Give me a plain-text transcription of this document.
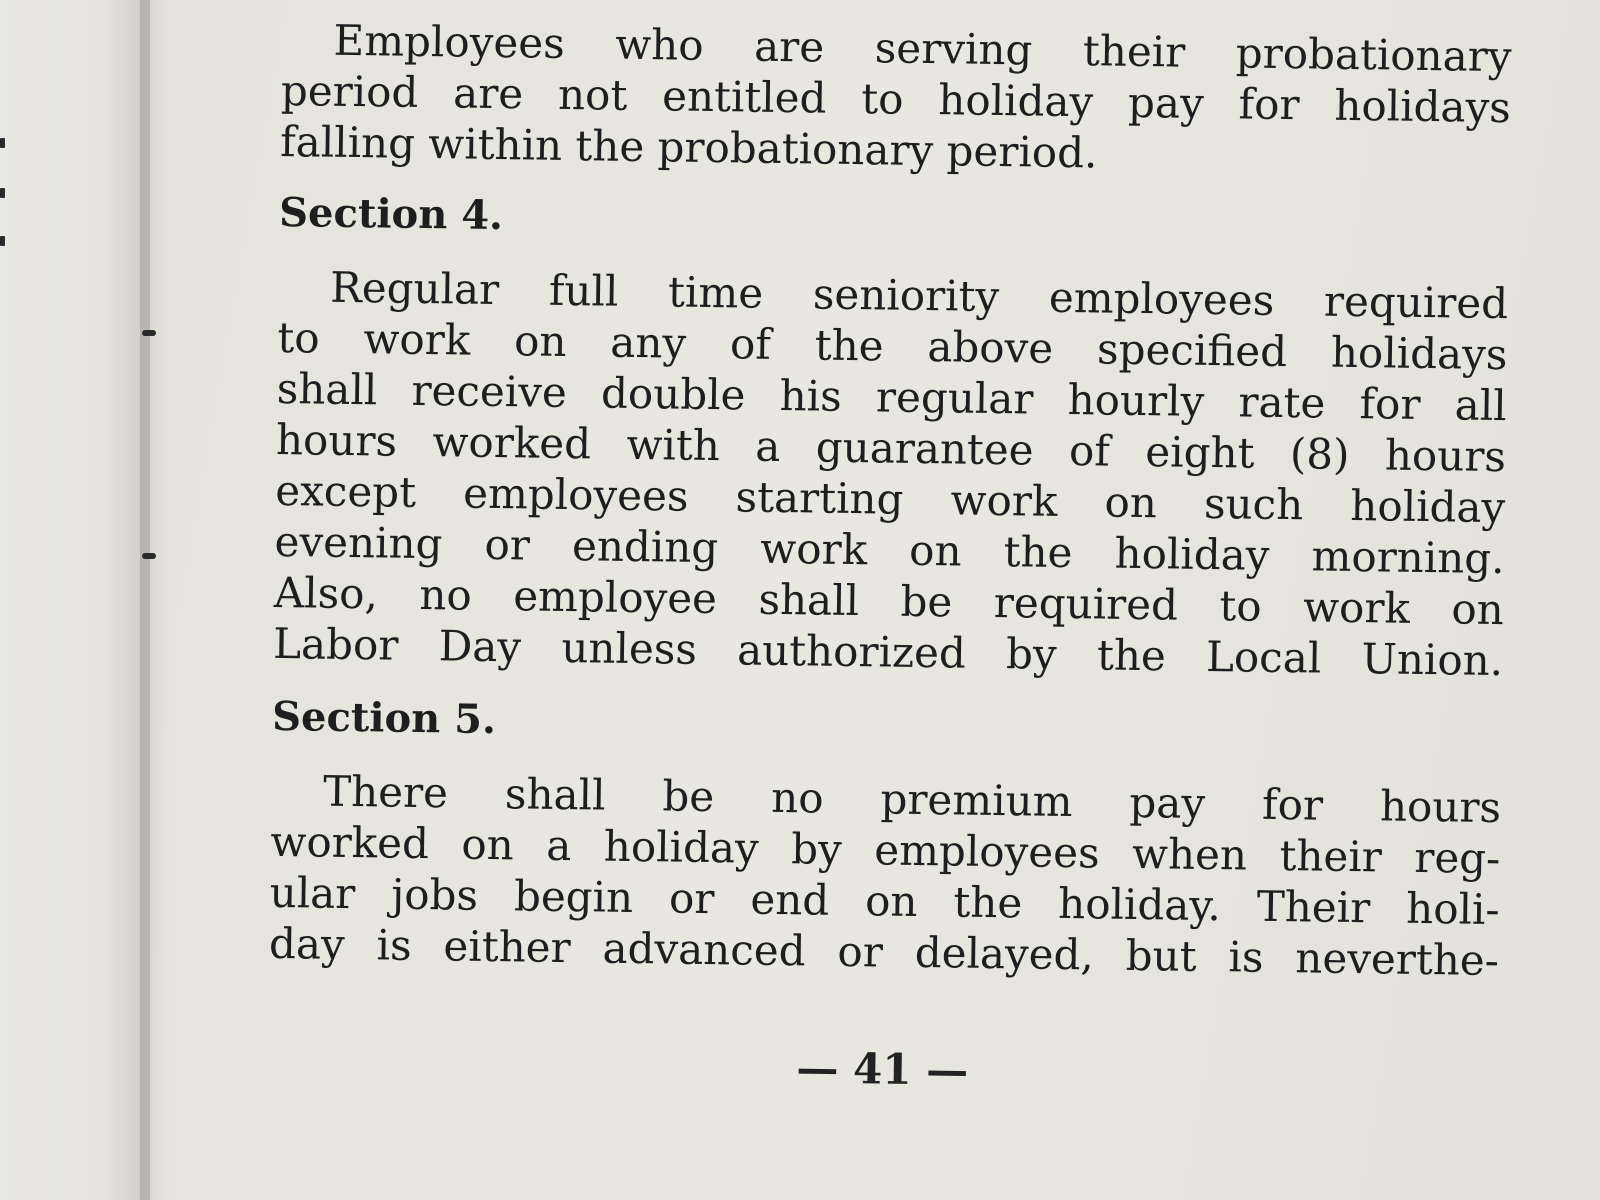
Employees who are serving their probationary
period are not entitled to holiday pay for holidays
falling within the probationary period.

Section 4.

Regular full time seniority employees required
to work on any of the above specified holidays
shall receive double his regular hourly rate for all
hours worked with a guarantee of eight (8) hours
except employees starting work on such holiday
evening or ending work on the holiday morning.
Also, no employee shall be required to work on
Labor Day unless authorized by the Local Union.

Section 5.

There shall be no premium pay for hours
worked on a holiday by employees when their reg-
ular jobs begin or end on the holiday. Their holi-
day is either advanced or delayed, but is neverthe-

— 41 —
